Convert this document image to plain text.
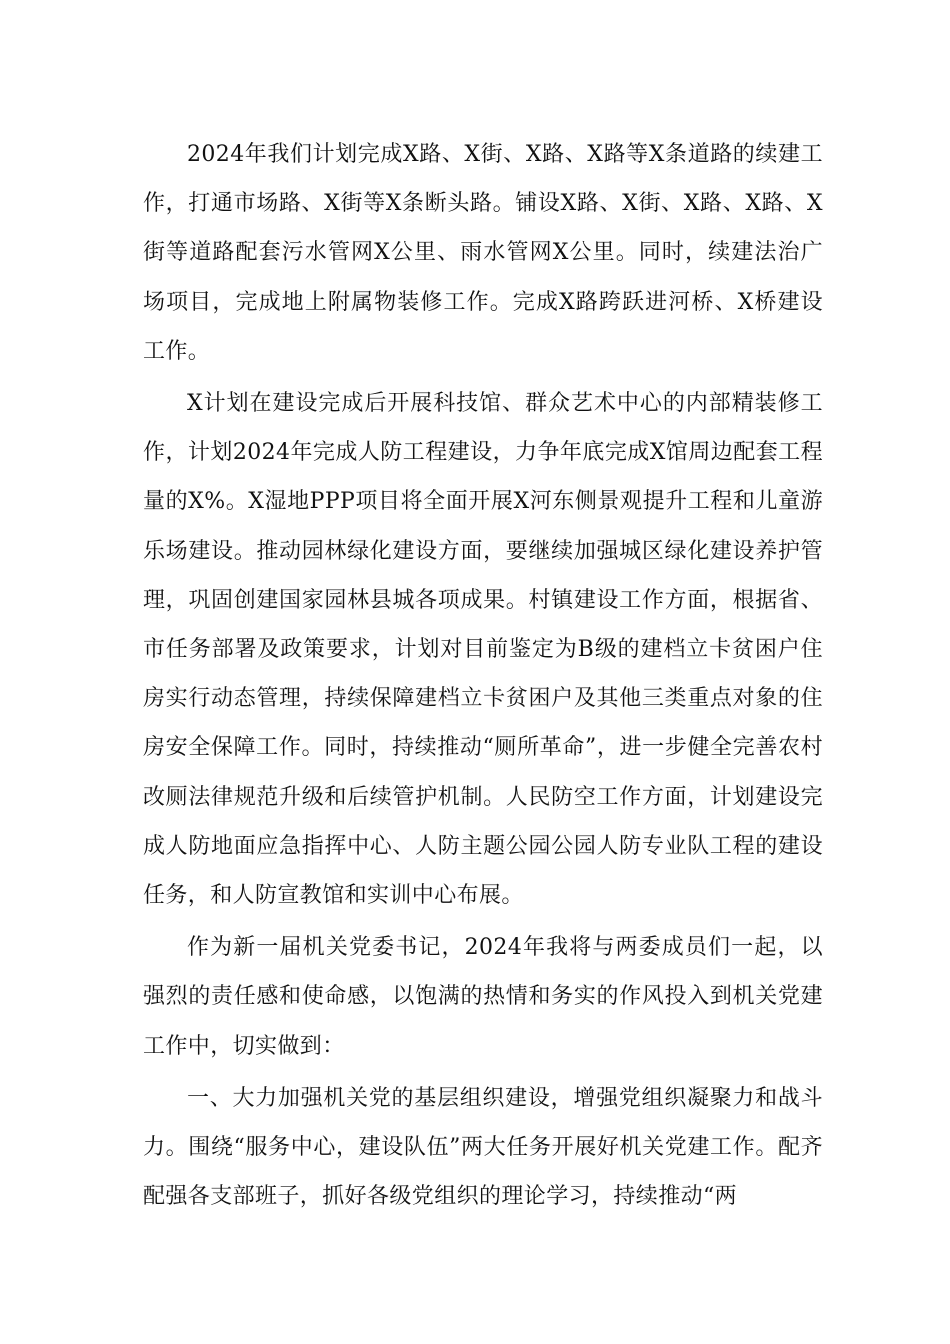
2024年我们计划完成X路、X街、X路、X路等X条道路的续建工作，打通市场路、X街等X条断头路。铺设X路、X街、X路、X路、X街等道路配套污水管网X公里、雨水管网X公里。同时，续建法治广场项目，完成地上附属物装修工作。完成X路跨跃进河桥、X桥建设工作。

X计划在建设完成后开展科技馆、群众艺术中心的内部精装修工作，计划2024年完成人防工程建设，力争年底完成X馆周边配套工程量的X%。X湿地PPP项目将全面开展X河东侧景观提升工程和儿童游乐场建设。推动园林绿化建设方面，要继续加强城区绿化建设养护管理，巩固创建国家园林县城各项成果。村镇建设工作方面，根据省、市任务部署及政策要求，计划对目前鉴定为B级的建档立卡贫困户住房实行动态管理，持续保障建档立卡贫困户及其他三类重点对象的住房安全保障工作。同时，持续推动“厕所革命”，进一步健全完善农村改厕法律规范升级和后续管护机制。人民防空工作方面，计划建设完成人防地面应急指挥中心、人防主题公园公园人防专业队工程的建设任务，和人防宣教馆和实训中心布展。

作为新一届机关党委书记，2024年我将与两委成员们一起，以强烈的责任感和使命感，以饱满的热情和务实的作风投入到机关党建工作中，切实做到：

一、大力加强机关党的基层组织建设，增强党组织凝聚力和战斗力。围绕“服务中心，建设队伍”两大任务开展好机关党建工作。配齐配强各支部班子，抓好各级党组织的理论学习，持续推动“两
